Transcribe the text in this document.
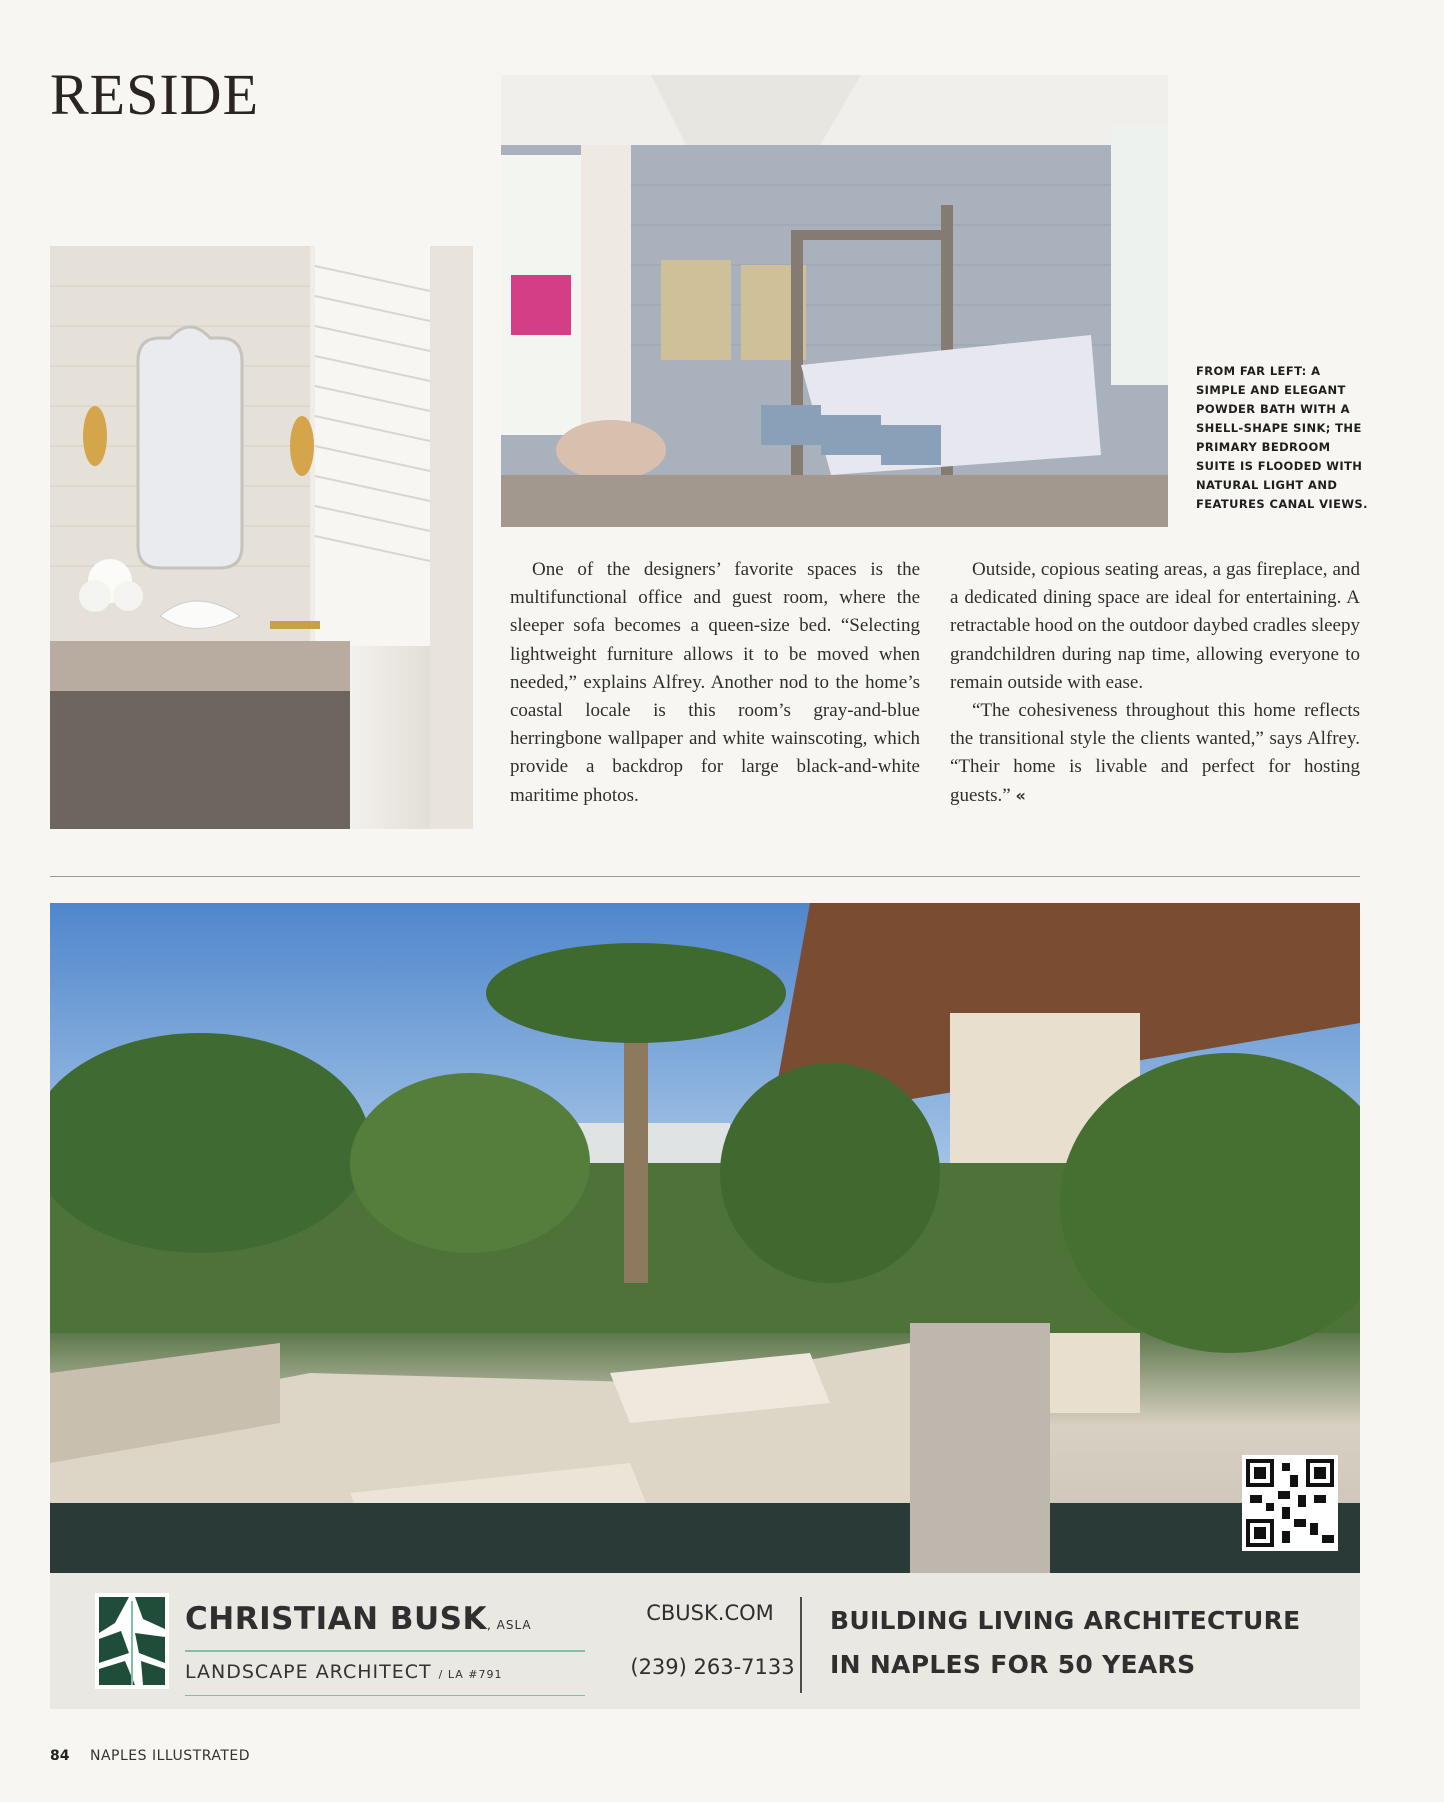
RESIDE
FROM FAR LEFT: A SIMPLE AND ELEGANT POWDER BATH WITH A SHELL-SHAPE SINK; THE PRIMARY BEDROOM SUITE IS FLOODED WITH NATURAL LIGHT AND FEATURES CANAL VIEWS.

One of the designers’ favorite spaces is the multifunctional office and guest room, where the sleeper sofa becomes a queen-size bed. “Selecting lightweight furniture allows it to be moved when needed,” explains Alfrey. Another nod to the home’s coastal locale is this room’s gray-and-blue herringbone wallpaper and white wainscoting, which provide a backdrop for large black-and-white maritime photos.

Outside, copious seating areas, a gas fireplace, and a dedicated dining space are ideal for entertaining. A retractable hood on the outdoor daybed cradles sleepy grandchildren during nap time, allowing everyone to remain outside with ease.

“The cohesiveness throughout this home reflects the transitional style the clients wanted,” says Alfrey. “Their home is livable and perfect for hosting guests.” «

CHRISTIAN BUSK, ASLA
LANDSCAPE ARCHITECT / LA #791
CBUSK.COM
(239) 263-7133
BUILDING LIVING ARCHITECTURE
IN NAPLES FOR 50 YEARS
84 NAPLES ILLUSTRATED
